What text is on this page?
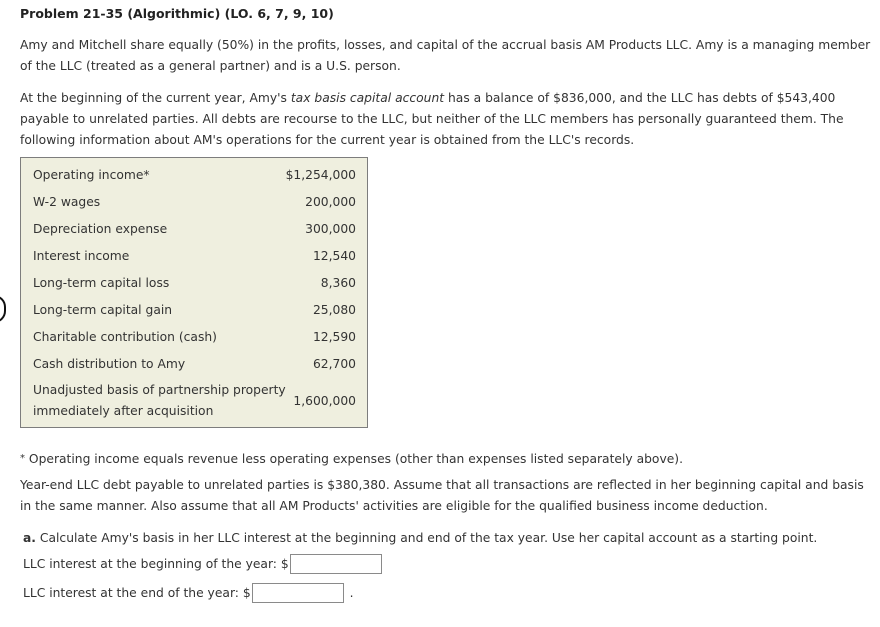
Problem 21-35 (Algorithmic) (LO. 6, 7, 9, 10)

Amy and Mitchell share equally (50%) in the profits, losses, and capital of the accrual basis AM Products LLC. Amy is a managing member of the LLC (treated as a general partner) and is a U.S. person.

At the beginning of the current year, Amy's tax basis capital account has a balance of $836,000, and the LLC has debts of $543,400 payable to unrelated parties. All debts are recourse to the LLC, but neither of the LLC members has personally guaranteed them. The following information about AM's operations for the current year is obtained from the LLC's records.

Operating income*	$1,254,000
W-2 wages	200,000
Depreciation expense	300,000
Interest income	12,540
Long-term capital loss	8,360
Long-term capital gain	25,080
Charitable contribution (cash)	12,590
Cash distribution to Amy	62,700
Unadjusted basis of partnership property immediately after acquisition
1,600,000

* Operating income equals revenue less operating expenses (other than expenses listed separately above).

Year-end LLC debt payable to unrelated parties is $380,380. Assume that all transactions are reflected in her beginning capital and basis in the same manner. Also assume that all AM Products' activities are eligible for the qualified business income deduction.

a. Calculate Amy's basis in her LLC interest at the beginning and end of the tax year. Use her capital account as a starting point.
LLC interest at the beginning of the year: $
LLC interest at the end of the year: $	.
